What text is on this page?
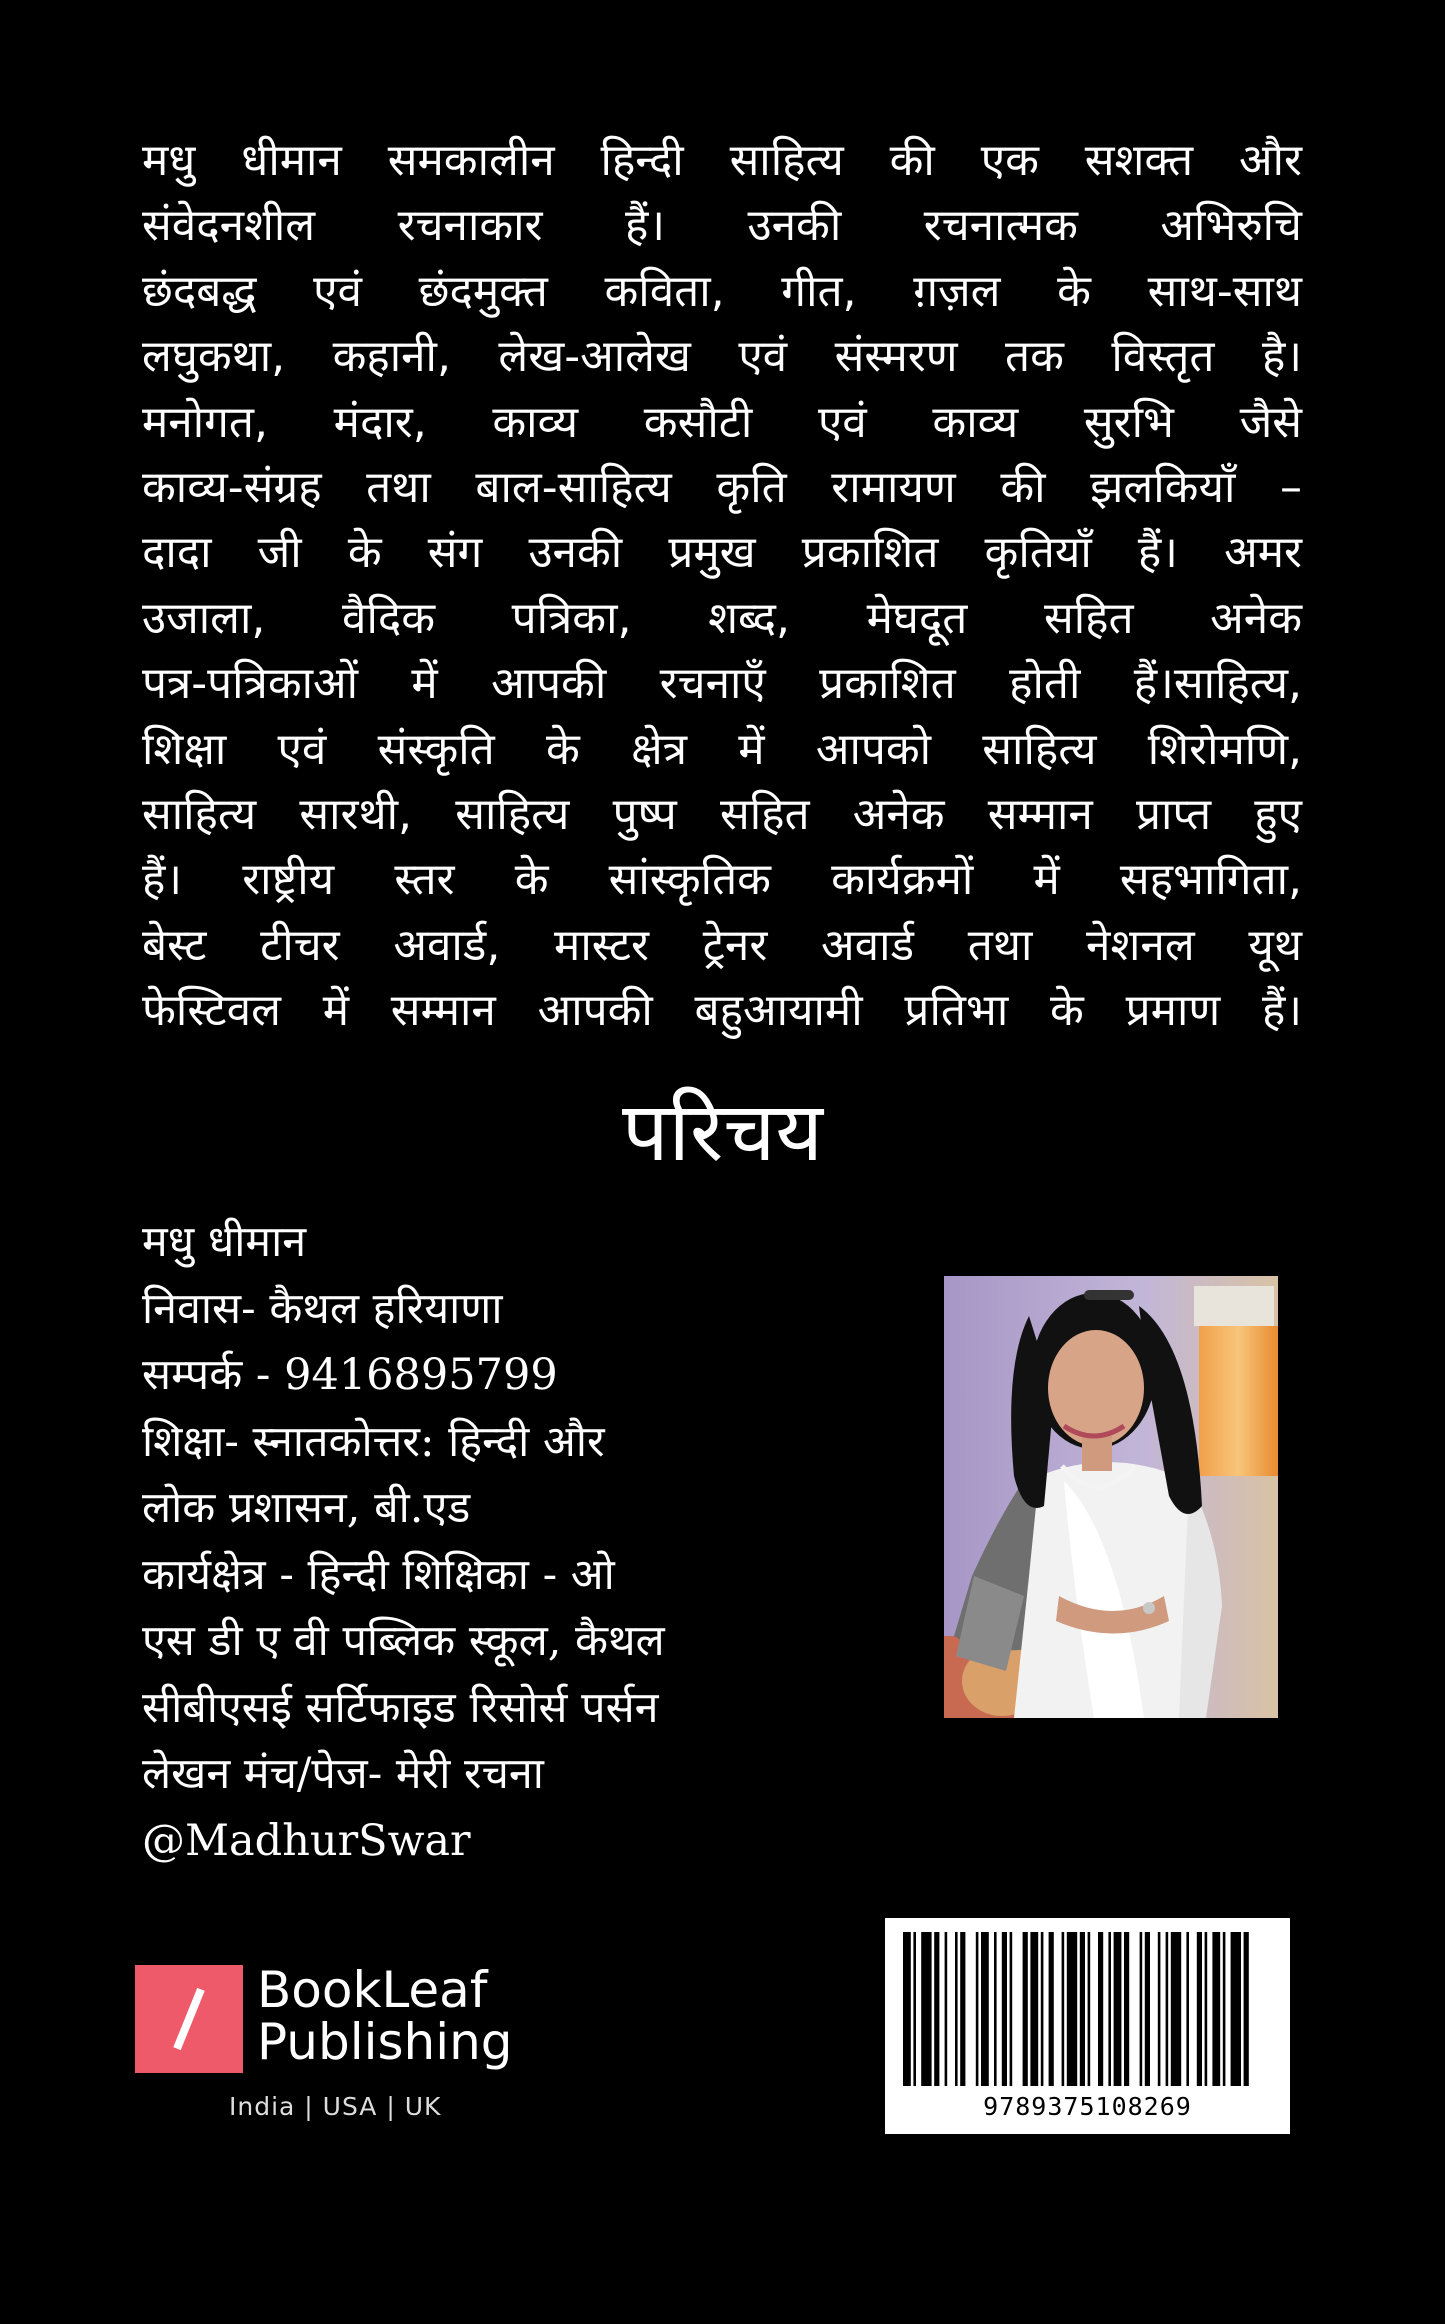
मधु धीमान समकालीन हिन्दी साहित्य की एक सशक्त और
संवेदनशील रचनाकार हैं। उनकी रचनात्मक अभिरुचि
छंदबद्ध एवं छंदमुक्त कविता, गीत, ग़ज़ल के साथ-साथ
लघुकथा, कहानी, लेख-आलेख एवं संस्मरण तक विस्तृत है।
मनोगत, मंदार, काव्य कसौटी एवं काव्य सुरभि जैसे
काव्य-संग्रह तथा बाल-साहित्य कृति रामायण की झलकियाँ –
दादा जी के संग उनकी प्रमुख प्रकाशित कृतियाँ हैं। अमर
उजाला, वैदिक पत्रिका, शब्द, मेघदूत सहित अनेक
पत्र-पत्रिकाओं में आपकी रचनाएँ प्रकाशित होती हैं।साहित्य,
शिक्षा एवं संस्कृति के क्षेत्र में आपको साहित्य शिरोमणि,
साहित्य सारथी, साहित्य पुष्प सहित अनेक सम्मान प्राप्त हुए
हैं। राष्ट्रीय स्तर के सांस्कृतिक कार्यक्रमों में सहभागिता,
बेस्ट टीचर अवार्ड, मास्टर ट्रेनर अवार्ड तथा नेशनल यूथ
फेस्टिवल में सम्मान आपकी बहुआयामी प्रतिभा के प्रमाण हैं।
परिचय
मधु धीमान
निवास- कैथल हरियाणा
सम्पर्क - 9416895799
शिक्षा- स्नातकोत्तर: हिन्दी और
लोक प्रशासन, बी.एड
कार्यक्षेत्र - हिन्दी शिक्षिका - ओ
एस डी ए वी पब्लिक स्कूल, कैथल
सीबीएसई सर्टिफाइड रिसोर्स पर्सन
लेखन मंच/पेज- मेरी रचना
@MadhurSwar
BookLeaf
Publishing
India | USA | UK	9789375108269
